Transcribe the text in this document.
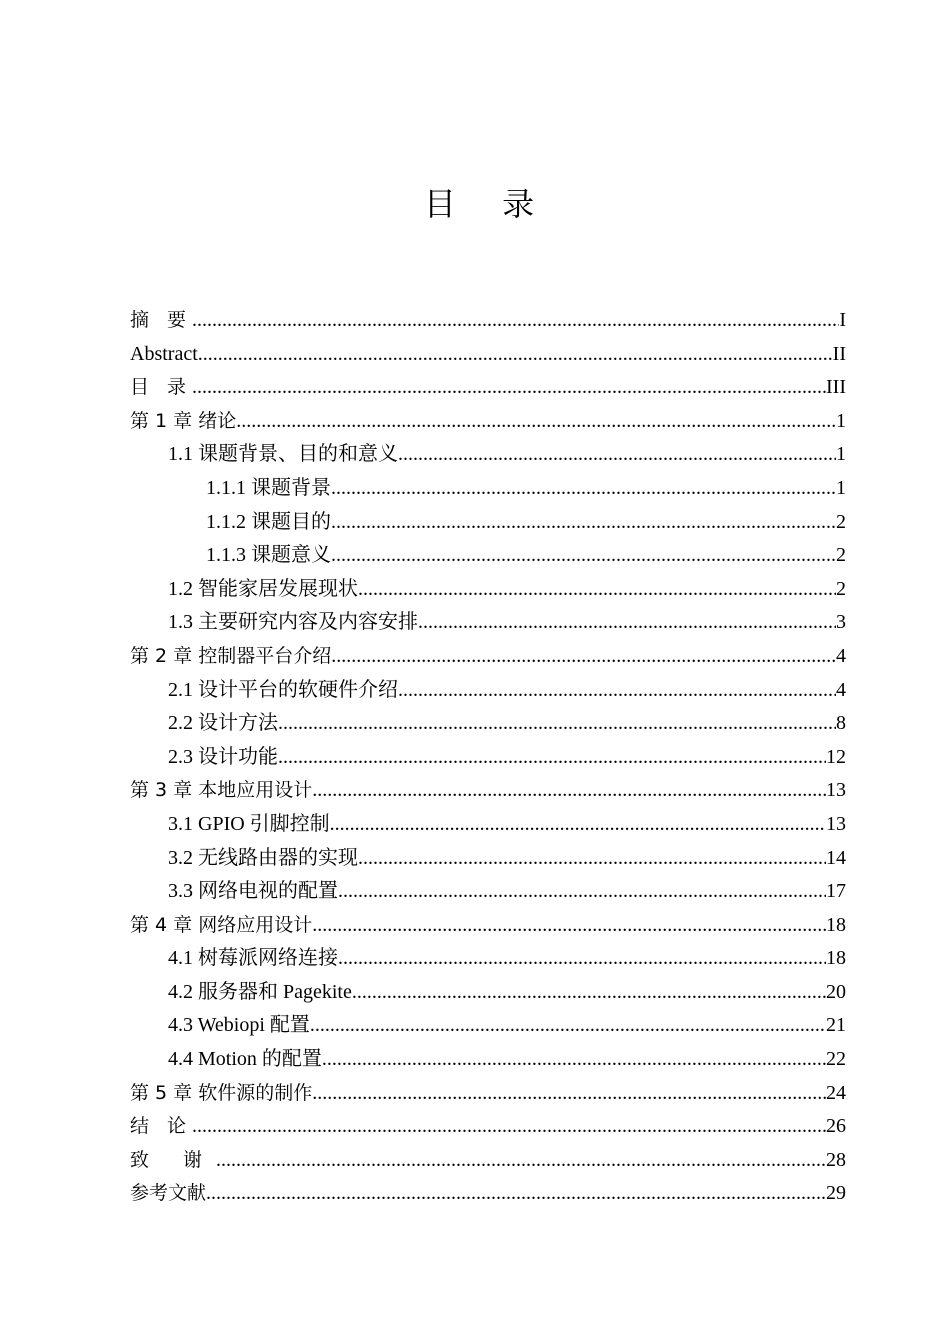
目 录
摘 要 .....	I
Abstract .....	II
目 录 .....	III
第 1 章 绪论 .....	1
1.1 课题背景、目的和意义 .....	1
1.1.1 课题背景 .....	1
1.1.2 课题目的 .....	2
1.1.3 课题意义 .....	2
1.2 智能家居发展现状 .....	2
1.3 主要研究内容及内容安排 .....	3
第 2 章 控制器平台介绍 .....	4
2.1 设计平台的软硬件介绍 .....	4
2.2 设计方法 .....	8
2.3 设计功能 .....	12
第 3 章 本地应用设计 .....	13
3.1 GPIO 引脚控制 .....	13
3.2 无线路由器的实现 .....	14
3.3 网络电视的配置 .....	17
第 4 章 网络应用设计 .....	18
4.1 树莓派网络连接 .....	18
4.2 服务器和 Pagekite .....	20
4.3 Webiopi 配置 .....	21
4.4 Motion 的配置 .....	22
第 5 章 软件源的制作 .....	24
结 论 .....	26
致 谢 .....	28
参考文献 .....	29
